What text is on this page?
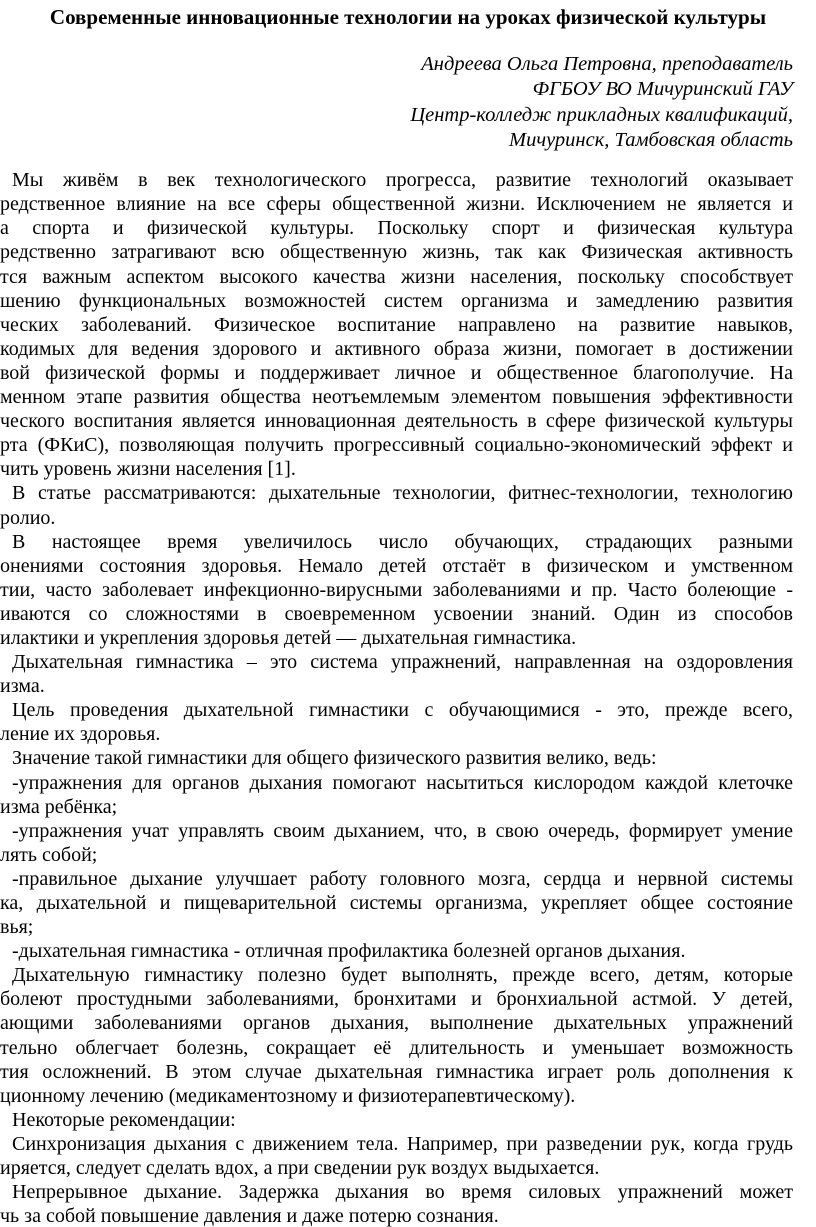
Современные инновационные технологии на уроках физической культуры
Андреева Ольга Петровна, преподаватель
ФГБОУ ВО Мичуринский ГАУ
Центр-колледж прикладных квалификаций,
Мичуринск, Тамбовская область
Мы живём в век технологического прогресса, развитие технологий оказывает
редственное влияние на все сферы общественной жизни. Исключением не является и
а спорта и физической культуры. Поскольку спорт и физическая культура
редственно затрагивают всю общественную жизнь, так как Физическая активность
тся важным аспектом высокого качества жизни населения, поскольку способствует
шению функциональных возможностей систем организма и замедлению развития
ческих заболеваний. Физическое воспитание направлено на развитие навыков,
кодимых для ведения здорового и активного образа жизни, помогает в достижении
вой физической формы и поддерживает личное и общественное благополучие. На
менном этапе развития общества неотъемлемым элементом повышения эффективности
ческого воспитания является инновационная деятельность в сфере физической культуры
рта (ФКиС), позволяющая получить прогрессивный социально-экономический эффект и
чить уровень жизни населения [1].
В статье рассматриваются: дыхательные технологии, фитнес-технологии, технологию
ролио.
В настоящее время увеличилось число обучающих, страдающих разными
онениями состояния здоровья. Немало детей отстаёт в физическом и умственном
тии, часто заболевает инфекционно-вирусными заболеваниями и пр. Часто болеющие -
иваются со сложностями в своевременном усвоении знаний. Один из способов
илактики и укрепления здоровья детей — дыхательная гимнастика.
Дыхательная гимнастика – это система упражнений, направленная на оздоровления
изма.
Цель проведения дыхательной гимнастики с обучающимися - это, прежде всего,
ление их здоровья.
Значение такой гимнастики для общего физического развития велико, ведь:
-упражнения для органов дыхания помогают насытиться кислородом каждой клеточке
изма ребёнка;
-упражнения учат управлять своим дыханием, что, в свою очередь, формирует умение
лять собой;
-правильное дыхание улучшает работу головного мозга, сердца и нервной системы
ка, дыхательной и пищеварительной системы организма, укрепляет общее состояние
вья;
-дыхательная гимнастика - отличная профилактика болезней органов дыхания.
Дыхательную гимнастику полезно будет выполнять, прежде всего, детям, которые
болеют простудными заболеваниями, бронхитами и бронхиальной астмой. У детей,
ающими заболеваниями органов дыхания, выполнение дыхательных упражнений
тельно облегчает болезнь, сокращает её длительность и уменьшает возможность
тия осложнений. В этом случае дыхательная гимнастика играет роль дополнения к
ционному лечению (медикаментозному и физиотерапевтическому).
Некоторые рекомендации:
Синхронизация дыхания с движением тела. Например, при разведении рук, когда грудь
иряется, следует сделать вдох, а при сведении рук воздух выдыхается.
Непрерывное дыхание. Задержка дыхания во время силовых упражнений может
чь за собой повышение давления и даже потерю сознания.
